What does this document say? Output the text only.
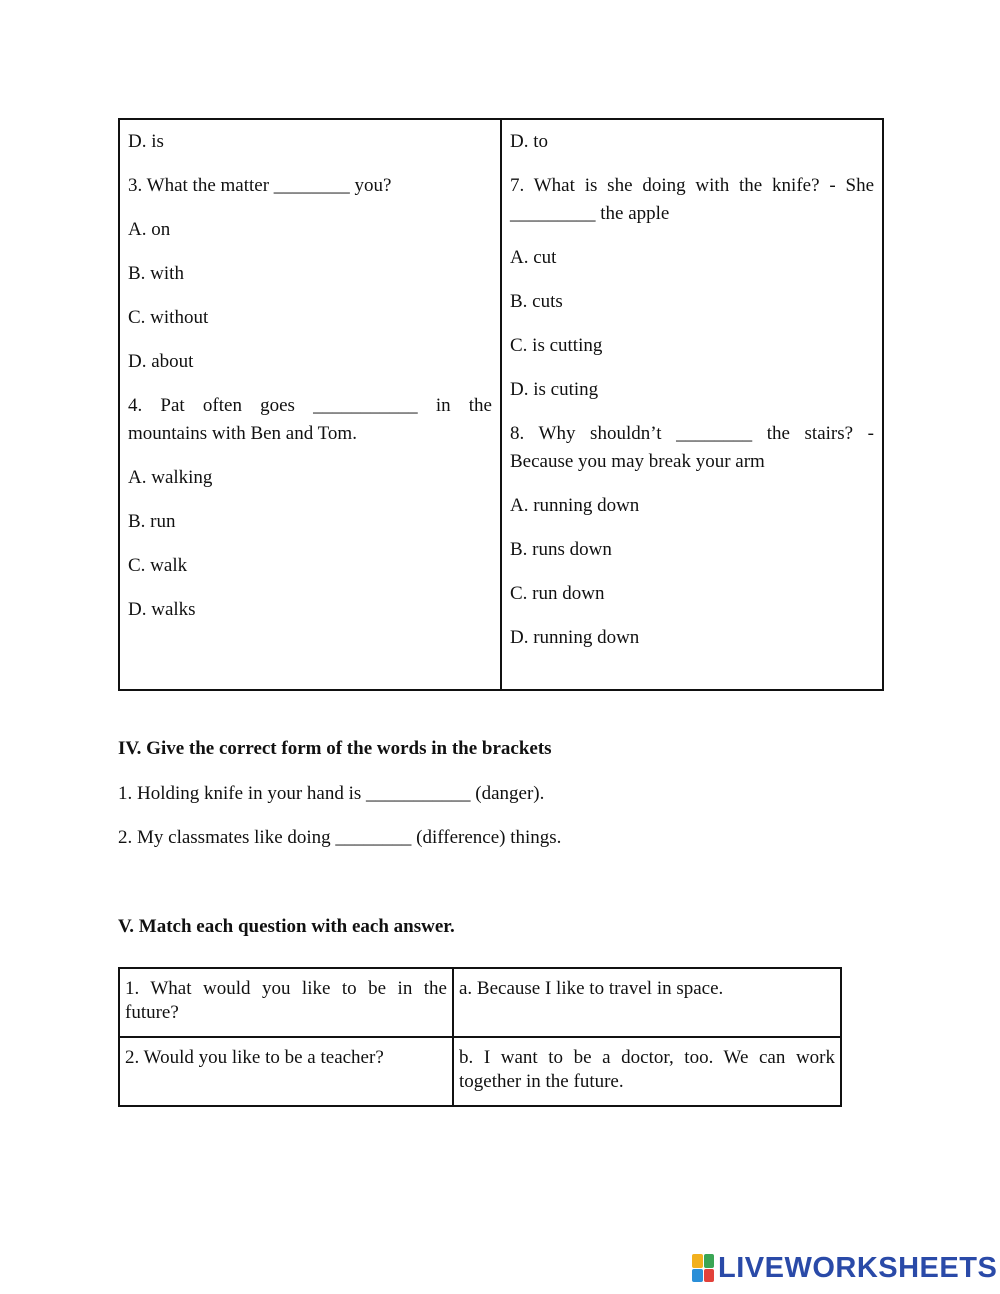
D. is

3. What the matter ________ you?

A. on

B. with

C. without

D. about

4. Pat often goes ___________ in the mountains with Ben and Tom.

A. walking

B. run

C. walk

D. walks

D. to

7. What is she doing with the knife? - She _________ the apple

A. cut

B. cuts

C. is cutting

D. is cuting

8. Why shouldn’t ________ the stairs? - Because you may break your arm

A. running down

B. runs down

C. run down

D. running down

IV. Give the correct form of the words in the brackets

1. Holding knife in your hand is ___________ (danger).

2. My classmates like doing ________ (difference) things.

V. Match each question with each answer.

1. What would you like to be in the future?	a. Because I like to travel in space.
2. Would you like to be a teacher?	b. I want to be a doctor, too. We can work together in the future.
LIVEWORKSHEETS
